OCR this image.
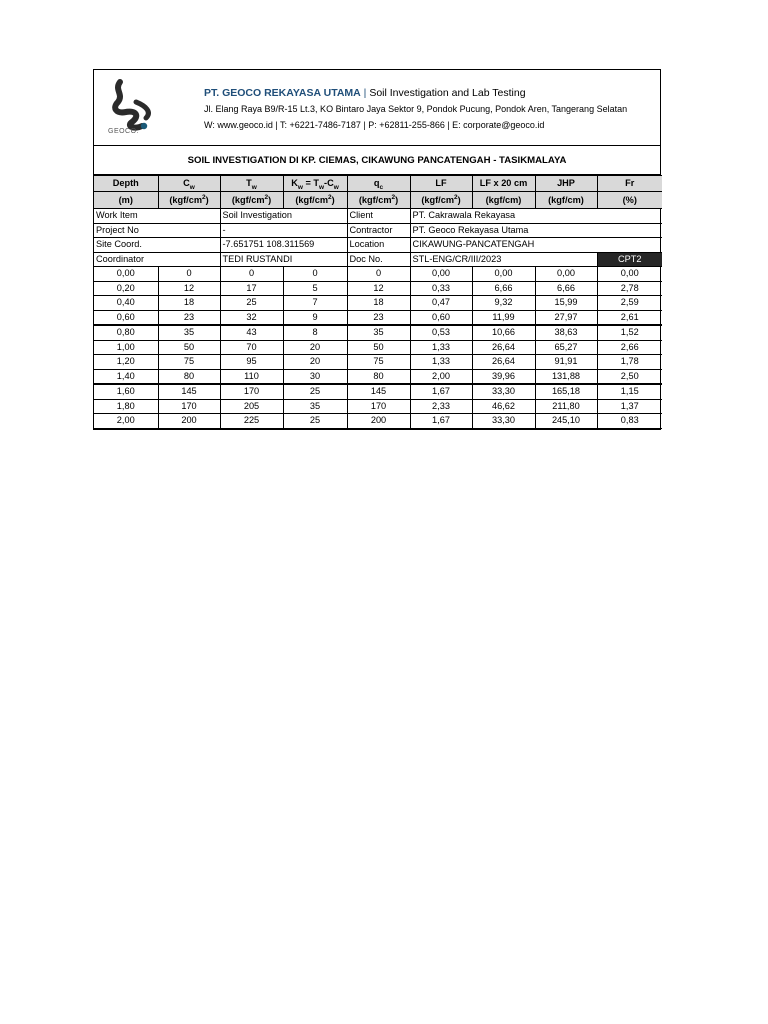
GEOCO.
PT. GEOCO REKAYASA UTAMA | Soil Investigation and Lab Testing
Jl. Elang Raya B9/R-15 Lt.3, KO Bintaro Jaya Sektor 9, Pondok Pucung, Pondok Aren, Tangerang Selatan
W: www.geoco.id | T: +6221-7486-7187 | P: +62811-255-866 | E: corporate@geoco.id
SOIL INVESTIGATION DI KP. CIEMAS, CIKAWUNG PANCATENGAH - TASIKMALAYA
Work Item		Soil Investigation		Client	PT. Cakrawala Rekayasa			
Project No		-		Contractor	PT. Geoco Rekayasa Utama			
Site Coord.		-7.651751 108.311569		Location	CIKAWUNG-PANCATENGAH			
Coordinator		TEDI RUSTANDI		Doc No.	STL-ENG/CR/III/2023			CPT2
Depth	$C_w$	$T_w$	$K_w = T_w-C_w$	$q_c$	LF	LF x 20 cm	JHP	Fr
(m)	$(kgf/cm^2)$	$(kgf/cm^2)$	$(kgf/cm^2)$	$(kgf/cm^2)$	$(kgf/cm^2)$	(kgf/cm)	(kgf/cm)	(%)
0,00	0	0	0	0	0,00	0,00	0,00	0,00
0,20	12	17	5	12	0,33	6,66	6,66	2,78
0,40	18	25	7	18	0,47	9,32	15,99	2,59
0,60	23	32	9	23	0,60	11,99	27,97	2,61
0,80	35	43	8	35	0,53	10,66	38,63	1,52
1,00	50	70	20	50	1,33	26,64	65,27	2,66
1,20	75	95	20	75	1,33	26,64	91,91	1,78
1,40	80	110	30	80	2,00	39,96	131,88	2,50
1,60	145	170	25	145	1,67	33,30	165,18	1,15
1,80	170	205	35	170	2,33	46,62	211,80	1,37
2,00	200	225	25	200	1,67	33,30	245,10	0,83
